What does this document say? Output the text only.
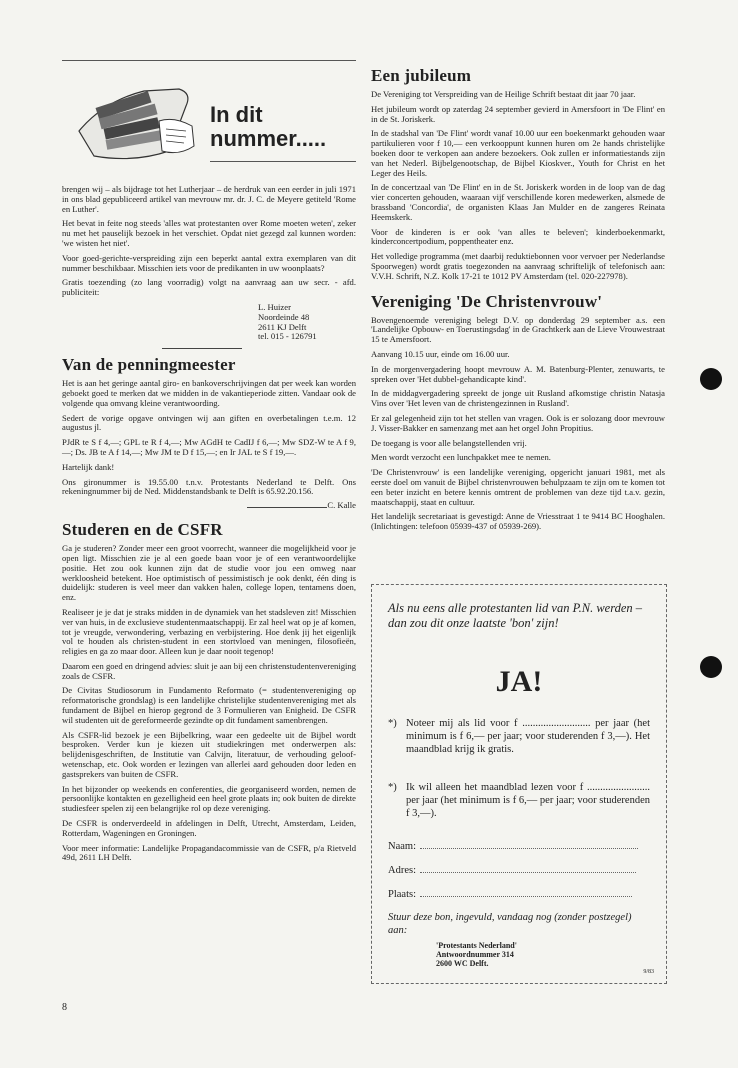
In dit
nummer.....

brengen wij – als bijdrage tot het Lutherjaar – de herdruk van een eerder in juli 1971 in ons blad gepubliceerd artikel van mevrouw mr. dr. J. C. de Meyere getiteld 'Rome en Luther'.

Het bevat in feite nog steeds 'alles wat protestanten over Rome moeten weten', zeker nu met het pauselijk bezoek in het verschiet. Opdat niet gezegd zal kunnen worden: 'we wisten het niet'.

Voor goed-gerichte-verspreiding zijn een beperkt aantal extra exemplaren van dit nummer beschikbaar. Misschien iets voor de predikanten in uw woonplaats?

Gratis toezending (zo lang voorradig) volgt na aanvraag aan uw secr. - afd. publiciteit:

L. Huizer
Noordeinde 48
2611 KJ Delft
tel. 015 - 126791
Van de penningmeester

Het is aan het geringe aantal giro- en bankoverschrijvingen dat per week kan worden geboekt goed te merken dat we midden in de vakantieperiode zitten. Vandaar ook de volgende qua omvang kleine verantwoording.

Sedert de vorige opgave ontvingen wij aan giften en overbetalingen t.e.m. 12 augustus jl.

PJdR te S f 4,—; GPL te R f 4,—; Mw AGdH te CadIJ f 6,—; Mw SDZ-W te A f 9,—; Ds. JB te A f 14,—; Mw JM te D f 15,—; en Ir JAL te S f 19,—.

Hartelijk dank!

Ons gironummer is 19.55.00 t.n.v. Protestants Nederland te Delft. Ons rekeningnummer bij de Ned. Middenstandsbank te Delft is 65.92.20.156.

C. Kalle
Studeren en de CSFR

Ga je studeren? Zonder meer een groot voorrecht, wanneer die mogelijkheid voor je open ligt. Misschien zie je al een goede baan voor je of een verantwoordelijke positie. Het zou ook kunnen zijn dat de studie voor jou een omweg naar werkloosheid betekent. Hoe optimistisch of pessimistisch je ook denkt, één ding is duidelijk: studeren is veel meer dan vakken halen, college lopen, tentamens doen, enz.

Realiseer je je dat je straks midden in de dynamiek van het stadsleven zit! Misschien ver van huis, in de exclusieve studentenmaatschappij. Er zal heel wat op je af komen, tot je vreugde, verwondering, verbazing en verbijstering. Hoe denk jij het eigenlijk vol te houden als christen-student in een stortvloed van meningen, filosofieën, religies en ga zo maar door. Alleen kun je daar nooit tegenop!

Daarom een goed en dringend advies: sluit je aan bij een christenstudentenvereniging zoals de CSFR.

De Civitas Studiosorum in Fundamento Reformato (= studentenvereniging op reformatorische grondslag) is een landelijke christelijke studentenvereniging met als fundament de Bijbel en hierop gegrond de 3 Formulieren van Enigheid. De CSFR wil studenten uit de gereformeerde gezindte op dit fundament samenbrengen.

Als CSFR-lid bezoek je een Bijbelkring, waar een gedeelte uit de Bijbel wordt besproken. Verder kun je kiezen uit studiekringen met onderwerpen als: belijdenisgeschriften, de Institutie van Calvijn, literatuur, de verhouding geloof-wetenschap, etc. Ook worden er lezingen van allerlei aard gehouden door leden en gastsprekers van buiten de CSFR.

In het bijzonder op weekends en conferenties, die georganiseerd worden, nemen de persoonlijke kontakten en gezelligheid een heel grote plaats in; ook buiten de direkte studiesfeer spelen zij een belangrijke rol op deze vereniging.

De CSFR is onderverdeeld in afdelingen in Delft, Utrecht, Amsterdam, Leiden, Rotterdam, Wageningen en Groningen.

Voor meer informatie: Landelijke Propagandacommissie van de CSFR, p/a Rietveld 49d, 2611 LH Delft.

Een jubileum

De Vereniging tot Verspreiding van de Heilige Schrift bestaat dit jaar 70 jaar.

Het jubileum wordt op zaterdag 24 september gevierd in Amersfoort in 'De Flint' en in de St. Joriskerk.

In de stadshal van 'De Flint' wordt vanaf 10.00 uur een boekenmarkt gehouden waar partikulieren voor f 10,— een verkooppunt kunnen huren om 2e hands christelijke boeken door te verkopen aan andere bezoekers. Ook zullen er informatiestands zijn van het Nederl. Bijbelgenootschap, de Bijbel Kioskver., Youth for Christ en het Leger des Heils.

In de concertzaal van 'De Flint' en in de St. Joriskerk worden in de loop van de dag vier concerten gehouden, waaraan vijf verschillende koren medewerken, alsmede de brassband 'Concordia', de organisten Klaas Jan Mulder en de zangeres Reinata Heemskerk.

Voor de kinderen is er ook 'van alles te beleven'; kinderboekenmarkt, kinderconcertpodium, poppentheater enz.

Het volledige programma (met daarbij reduktiebonnen voor vervoer per Nederlandse Spoorwegen) wordt gratis toegezonden na aanvraag schriftelijk of telefonisch aan: V.V.H. Schrift, N.Z. Kolk 17-21 te 1012 PV Amsterdam (tel. 020-227978).

Vereniging 'De Christenvrouw'

Bovengenoemde vereniging belegt D.V. op donderdag 29 september a.s. een 'Landelijke Opbouw- en Toerustingsdag' in de Grachtkerk aan de Lieve Vrouwestraat 15 te Amersfoort.

Aanvang 10.15 uur, einde om 16.00 uur.

In de morgenvergadering hoopt mevrouw A. M. Batenburg-Plenter, zenuwarts, te spreken over 'Het dubbel-gehandicapte kind'.

In de middagvergadering spreekt de jonge uit Rusland afkomstige christin Natasja Vins over 'Het leven van de christengezinnen in Rusland'.

Er zal gelegenheid zijn tot het stellen van vragen. Ook is er solozang door mevrouw J. Visser-Bakker en samenzang met aan het orgel John Propitius.

De toegang is voor alle belangstellenden vrij.

Men wordt verzocht een lunchpakket mee te nemen.

'De Christenvrouw' is een landelijke vereniging, opgericht januari 1981, met als eerste doel om vanuit de Bijbel christenvrouwen behulpzaam te zijn om te komen tot een beter inzicht en betere kennis omtrent de problemen van deze tijd t.a.v. gezin, maatschappij, staat en cultuur.

Het landelijk secretariaat is gevestigd: Anne de Vriesstraat 1 te 9414 BC Hooghalen. (Inlichtingen: telefoon 05939-437 of 05939-269).

Als nu eens alle protestanten lid van P.N. werden – dan zou dit onze laatste 'bon' zijn!
JA!
*) Noteer mij als lid voor f .......................... per jaar (het minimum is f 6,— per jaar; voor studerenden f 3,—). Het maandblad krijg ik gratis.
*) Ik wil alleen het maandblad lezen voor f ........................ per jaar (het minimum is f 6,— per jaar; voor studerenden f 3,—).
Naam:
Adres:
Plaats:
Stuur deze bon, ingevuld, vandaag nog (zonder postzegel) aan:
'Protestants Nederland'
Antwoordnummer 314
2600 WC Delft.
9/83
8
